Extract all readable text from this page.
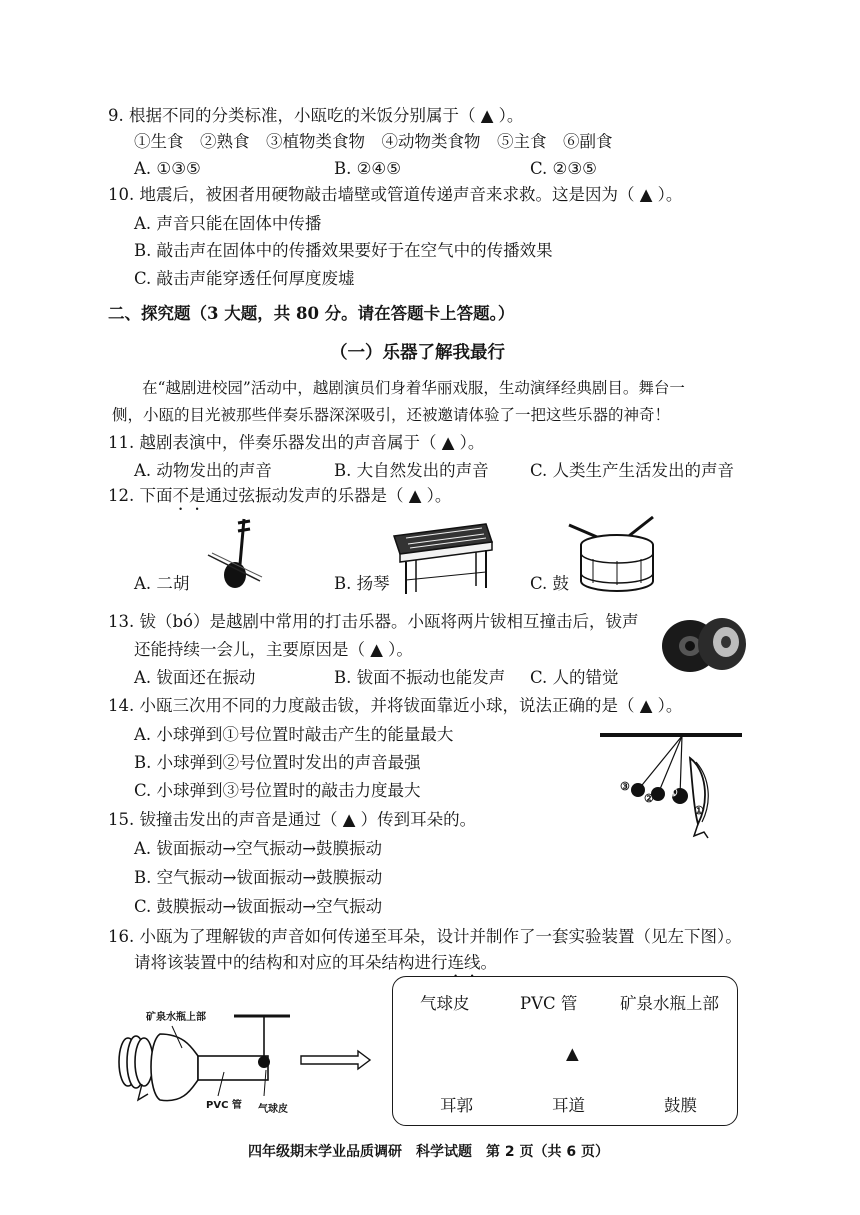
9. 根据不同的分类标准，小瓯吃的米饭分别属于（ ▲ ）。
①生食　②熟食　③植物类食物　④动物类食物　⑤主食　⑥副食
A. ①③⑤	B. ②④⑤	C. ②③⑤
10. 地震后，被困者用硬物敲击墙壁或管道传递声音来求救。这是因为（ ▲ ）。
A. 声音只能在固体中传播
B. 敲击声在固体中的传播效果要好于在空气中的传播效果
C. 敲击声能穿透任何厚度废墟
二、探究题（3 大题，共 80 分。请在答题卡上答题。）
（一）乐器了解我最行
在“越剧进校园”活动中，越剧演员们身着华丽戏服，生动演绎经典剧目。舞台一
侧，小瓯的目光被那些伴奏乐器深深吸引，还被邀请体验了一把这些乐器的神奇！
11. 越剧表演中，伴奏乐器发出的声音属于（ ▲ ）。
A. 动物发出的声音	B. 大自然发出的声音	C. 人类生产生活发出的声音
12. 下面不是通过弦振动发声的乐器是（ ▲ ）。
A. 二胡	B. 扬琴	C. 鼓
13. 钹（bó）是越剧中常用的打击乐器。小瓯将两片钹相互撞击后，钹声
还能持续一会儿，主要原因是（ ▲ ）。
A. 钹面还在振动	B. 钹面不振动也能发声 C. 人的错觉
14. 小瓯三次用不同的力度敲击钹，并将钹面靠近小球，说法正确的是（ ▲ ）。
A. 小球弹到①号位置时敲击产生的能量最大
B. 小球弹到②号位置时发出的声音最强
C. 小球弹到③号位置时的敲击力度最大	③
② ①
①
15. 钹撞击发出的声音是通过（ ▲ ）传到耳朵的。
A. 钹面振动→空气振动→鼓膜振动
B. 空气振动→钹面振动→鼓膜振动
C. 鼓膜振动→钹面振动→空气振动
16. 小瓯为了理解钹的声音如何传递至耳朵，设计并制作了一套实验装置（见左下图）。
请将该装置中的结构和对应的耳朵结构进行连线。
矿泉水瓶上部
PVC 管 气球皮
气球皮	PVC 管	矿泉水瓶上部
▲
耳郭	耳道	鼓膜
四年级期末学业品质调研　科学试题　第 2 页（共 6 页）
